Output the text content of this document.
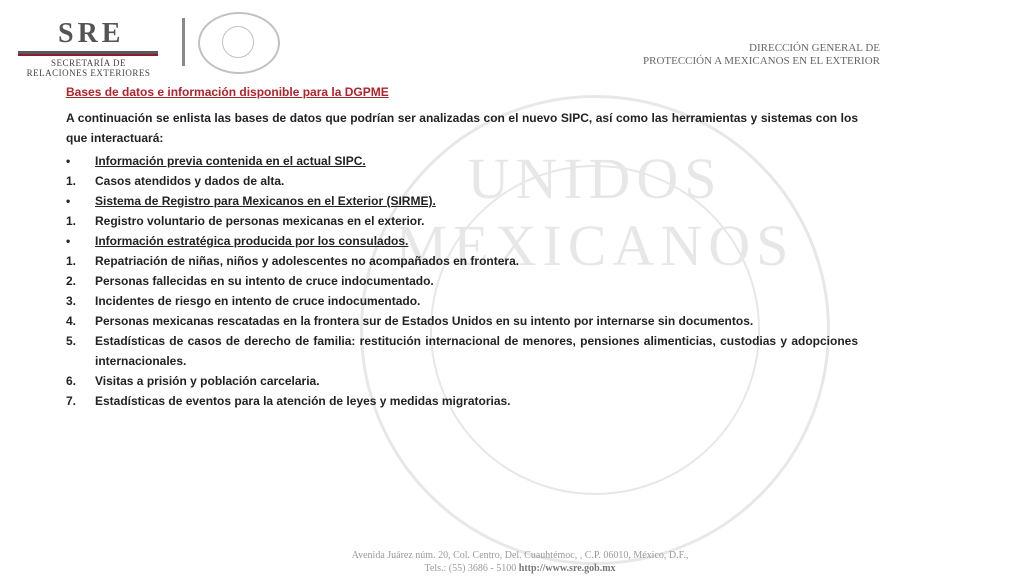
UNIDOS MEXICANOS
SRE
SECRETARÍA DE
RELACIONES EXTERIORES
DIRECCIÓN GENERAL DE
PROTECCIÓN A MEXICANOS EN EL EXTERIOR
Bases de datos e información disponible para la DGPME
A continuación se enlista las bases de datos que podrían ser analizadas con el nuevo SIPC, así como las herramientas y sistemas con los que interactuará:
•	Información previa contenida en el actual SIPC.
1.	Casos atendidos y dados de alta.
•	Sistema de Registro para Mexicanos en el Exterior (SIRME).
1.	Registro voluntario de personas mexicanas en el exterior.
•	Información estratégica producida por los consulados.
1.	Repatriación de niñas, niños y adolescentes no acompañados en frontera.
2.	Personas fallecidas en su intento de cruce indocumentado.
3.	Incidentes de riesgo en intento de cruce indocumentado.
4.	Personas mexicanas rescatadas en la frontera sur de Estados Unidos en su intento por internarse sin documentos.
5.	Estadísticas de casos de derecho de familia: restitución internacional de menores, pensiones alimenticias, custodias y adopciones internacionales.
6.	Visitas a prisión y población carcelaria.
7.	Estadísticas de eventos para la atención de leyes y medidas migratorias.
Avenida Juárez núm. 20, Col. Centro, Del. Cuauhtémoc, , C.P. 06010, México, D.F.,
Tels.: (55) 3686 - 5100 http://www.sre.gob.mx
